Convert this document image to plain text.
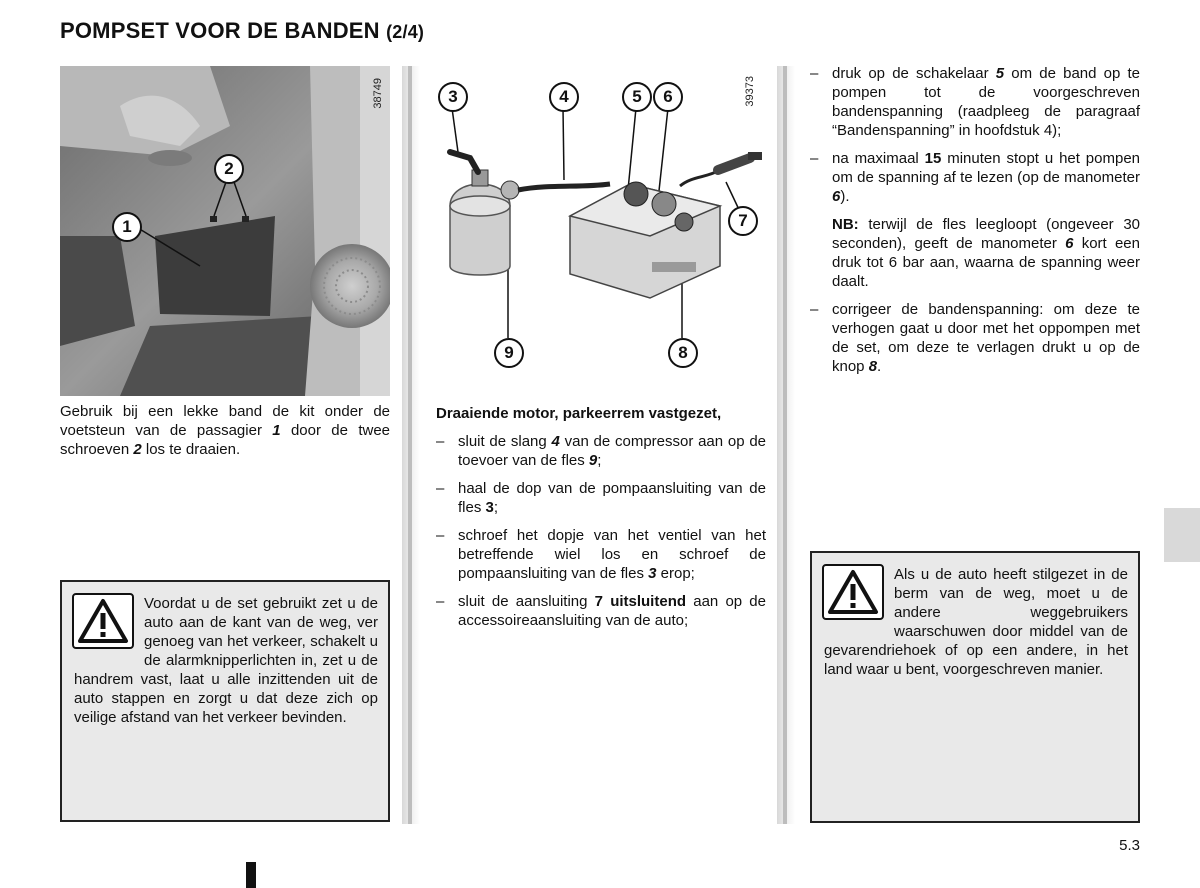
POMPSET VOOR DE BANDEN (2/4)
38749
1
2
Gebruik bij een lekke band de kit onder de voetsteun van de passagier 1 door de twee schroeven 2 los te draaien.
Voordat u de set gebruikt zet u de auto aan de kant van de weg, ver genoeg van het verkeer, schakelt u de alarmknipperlichten in, zet u de handrem vast, laat u alle inzittenden uit de auto stappen en zorgt u dat deze zich op veilige afstand van het verkeer bevinden.
39373
3	4	5	6
7
8
9
Draaiende motor, parkeerrem vastgezet,
– sluit de slang 4 van de compressor aan op de toevoer van de fles 9;
– haal de dop van de pompaansluiting van de fles 3;
– schroef het dopje van het ventiel van het betreffende wiel los en schroef de pompaansluiting van de fles 3 erop;
– sluit de aansluiting 7 uitsluitend aan op de accessoireaansluiting van de auto;
– druk op de schakelaar 5 om de band op te pompen tot de voorgeschreven bandenspanning (raadpleeg de paragraaf “Bandenspanning” in hoofdstuk 4);
– na maximaal 15 minuten stopt u het pompen om de spanning af te lezen (op de manometer 6).
NB: terwijl de fles leegloopt (ongeveer 30 seconden), geeft de manometer 6 kort een druk tot 6 bar aan, waarna de spanning weer daalt.
– corrigeer de bandenspanning: om deze te verhogen gaat u door met het oppompen met de set, om deze te verlagen drukt u op de knop 8.
Als u de auto heeft stilgezet in de berm van de weg, moet u de andere weggebruikers waarschuwen door middel van de gevarendriehoek of op een andere, in het land waar u bent, voorgeschreven manier.
5.3
